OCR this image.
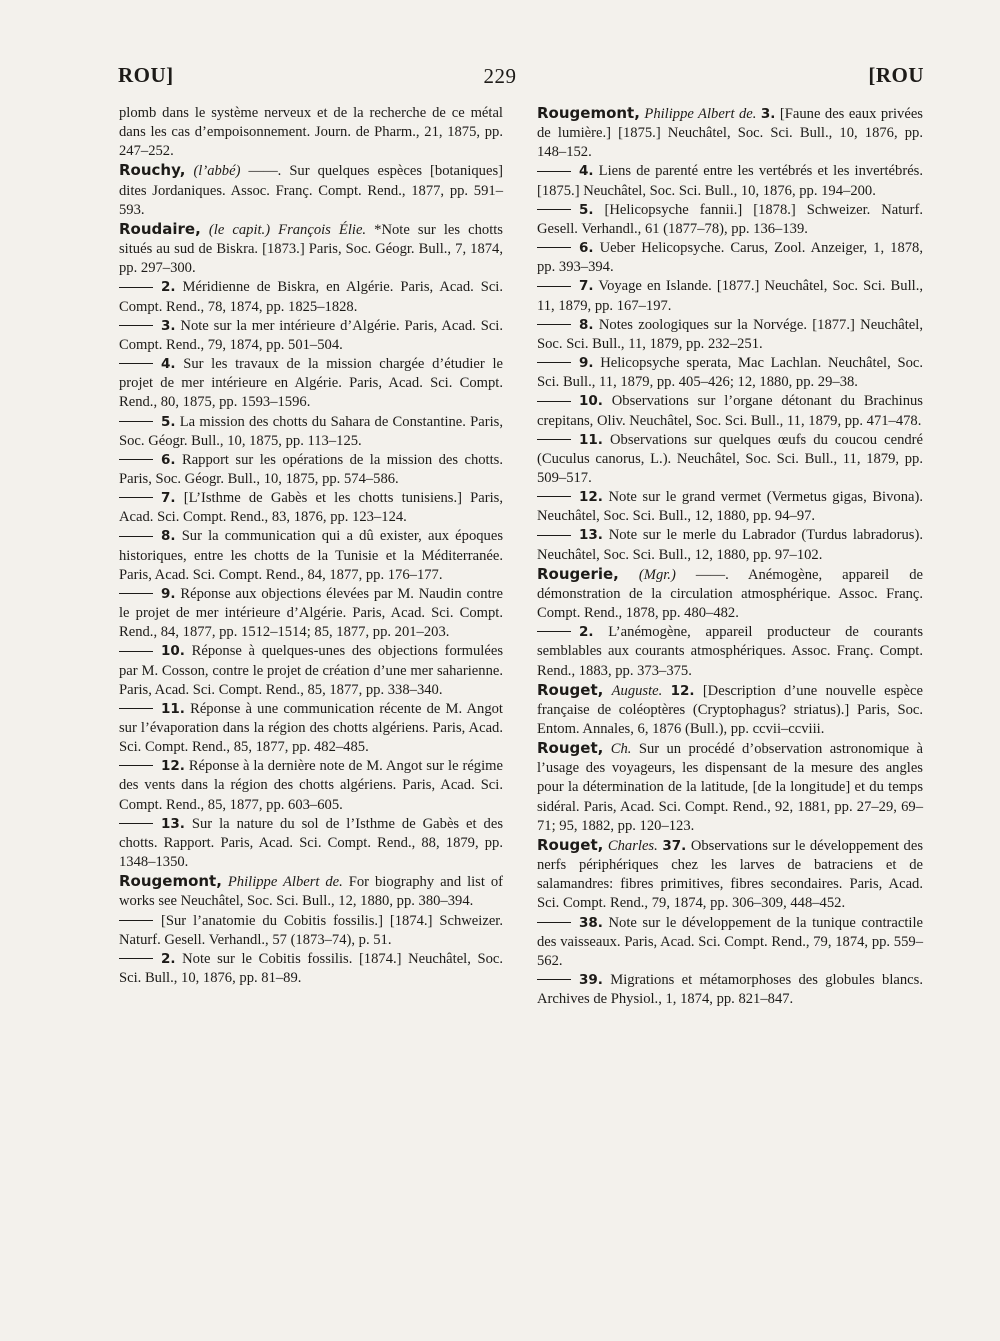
ROU]	229	[ROU

plomb dans le système nerveux et de la recherche de ce métal dans les cas d’empoisonnement. Journ. de Pharm., 21, 1875, pp. 247–252.

Rouchy, (l’abbé) ——. Sur quelques espèces [botaniques] dites Jordaniques. Assoc. Franç. Compt. Rend., 1877, pp. 591–593.

Roudaire, (le capit.) François Élie. *Note sur les chotts situés au sud de Biskra. [1873.] Paris, Soc. Géogr. Bull., 7, 1874, pp. 297–300.

2. Méridienne de Biskra, en Algérie. Paris, Acad. Sci. Compt. Rend., 78, 1874, pp. 1825–1828.

3. Note sur la mer intérieure d’Algérie. Paris, Acad. Sci. Compt. Rend., 79, 1874, pp. 501–504.

4. Sur les travaux de la mission chargée d’étudier le projet de mer intérieure en Algérie. Paris, Acad. Sci. Compt. Rend., 80, 1875, pp. 1593–1596.

5. La mission des chotts du Sahara de Constantine. Paris, Soc. Géogr. Bull., 10, 1875, pp. 113–125.

6. Rapport sur les opérations de la mission des chotts. Paris, Soc. Géogr. Bull., 10, 1875, pp. 574–586.

7. [L’Isthme de Gabès et les chotts tunisiens.] Paris, Acad. Sci. Compt. Rend., 83, 1876, pp. 123–124.

8. Sur la communication qui a dû exister, aux époques historiques, entre les chotts de la Tunisie et la Méditerranée. Paris, Acad. Sci. Compt. Rend., 84, 1877, pp. 176–177.

9. Réponse aux objections élevées par M. Naudin contre le projet de mer intérieure d’Algérie. Paris, Acad. Sci. Compt. Rend., 84, 1877, pp. 1512–1514; 85, 1877, pp. 201–203.

10. Réponse à quelques-unes des objections formulées par M. Cosson, contre le projet de création d’une mer saharienne. Paris, Acad. Sci. Compt. Rend., 85, 1877, pp. 338–340.

11. Réponse à une communication récente de M. Angot sur l’évaporation dans la région des chotts algériens. Paris, Acad. Sci. Compt. Rend., 85, 1877, pp. 482–485.

12. Réponse à la dernière note de M. Angot sur le régime des vents dans la région des chotts algériens. Paris, Acad. Sci. Compt. Rend., 85, 1877, pp. 603–605.

13. Sur la nature du sol de l’Isthme de Gabès et des chotts. Rapport. Paris, Acad. Sci. Compt. Rend., 88, 1879, pp. 1348–1350.

Rougemont, Philippe Albert de. For biography and list of works see Neuchâtel, Soc. Sci. Bull., 12, 1880, pp. 380–394.

[Sur l’anatomie du Cobitis fossilis.] [1874.] Schweizer. Naturf. Gesell. Verhandl., 57 (1873–74), p. 51.

2. Note sur le Cobitis fossilis. [1874.] Neuchâtel, Soc. Sci. Bull., 10, 1876, pp. 81–89.

Rougemont, Philippe Albert de. 3. [Faune des eaux privées de lumière.] [1875.] Neuchâtel, Soc. Sci. Bull., 10, 1876, pp. 148–152.

4. Liens de parenté entre les vertébrés et les invertébrés. [1875.] Neuchâtel, Soc. Sci. Bull., 10, 1876, pp. 194–200.

5. [Helicopsyche fannii.] [1878.] Schweizer. Naturf. Gesell. Verhandl., 61 (1877–78), pp. 136–139.

6. Ueber Helicopsyche. Carus, Zool. Anzeiger, 1, 1878, pp. 393–394.

7. Voyage en Islande. [1877.] Neuchâtel, Soc. Sci. Bull., 11, 1879, pp. 167–197.

8. Notes zoologiques sur la Norvége. [1877.] Neuchâtel, Soc. Sci. Bull., 11, 1879, pp. 232–251.

9. Helicopsyche sperata, Mac Lachlan. Neuchâtel, Soc. Sci. Bull., 11, 1879, pp. 405–426; 12, 1880, pp. 29–38.

10. Observations sur l’organe détonant du Brachinus crepitans, Oliv. Neuchâtel, Soc. Sci. Bull., 11, 1879, pp. 471–478.

11. Observations sur quelques œufs du coucou cendré (Cuculus canorus, L.). Neuchâtel, Soc. Sci. Bull., 11, 1879, pp. 509–517.

12. Note sur le grand vermet (Vermetus gigas, Bivona). Neuchâtel, Soc. Sci. Bull., 12, 1880, pp. 94–97.

13. Note sur le merle du Labrador (Turdus labradorus). Neuchâtel, Soc. Sci. Bull., 12, 1880, pp. 97–102.

Rougerie, (Mgr.) ——. Anémogène, appareil de démonstration de la circulation atmosphérique. Assoc. Franç. Compt. Rend., 1878, pp. 480–482.

2. L’anémogène, appareil producteur de courants semblables aux courants atmosphériques. Assoc. Franç. Compt. Rend., 1883, pp. 373–375.

Rouget, Auguste. 12. [Description d’une nouvelle espèce française de coléoptères (Cryptophagus? striatus).] Paris, Soc. Entom. Annales, 6, 1876 (Bull.), pp. ccvii–ccviii.

Rouget, Ch. Sur un procédé d’observation astronomique à l’usage des voyageurs, les dispensant de la mesure des angles pour la détermination de la latitude, [de la longitude] et du temps sidéral. Paris, Acad. Sci. Compt. Rend., 92, 1881, pp. 27–29, 69–71; 95, 1882, pp. 120–123.

Rouget, Charles. 37. Observations sur le développement des nerfs périphériques chez les larves de batraciens et de salamandres: fibres primitives, fibres secondaires. Paris, Acad. Sci. Compt. Rend., 79, 1874, pp. 306–309, 448–452.

38. Note sur le développement de la tunique contractile des vaisseaux. Paris, Acad. Sci. Compt. Rend., 79, 1874, pp. 559–562.

39. Migrations et métamorphoses des globules blancs. Archives de Physiol., 1, 1874, pp. 821–847.
